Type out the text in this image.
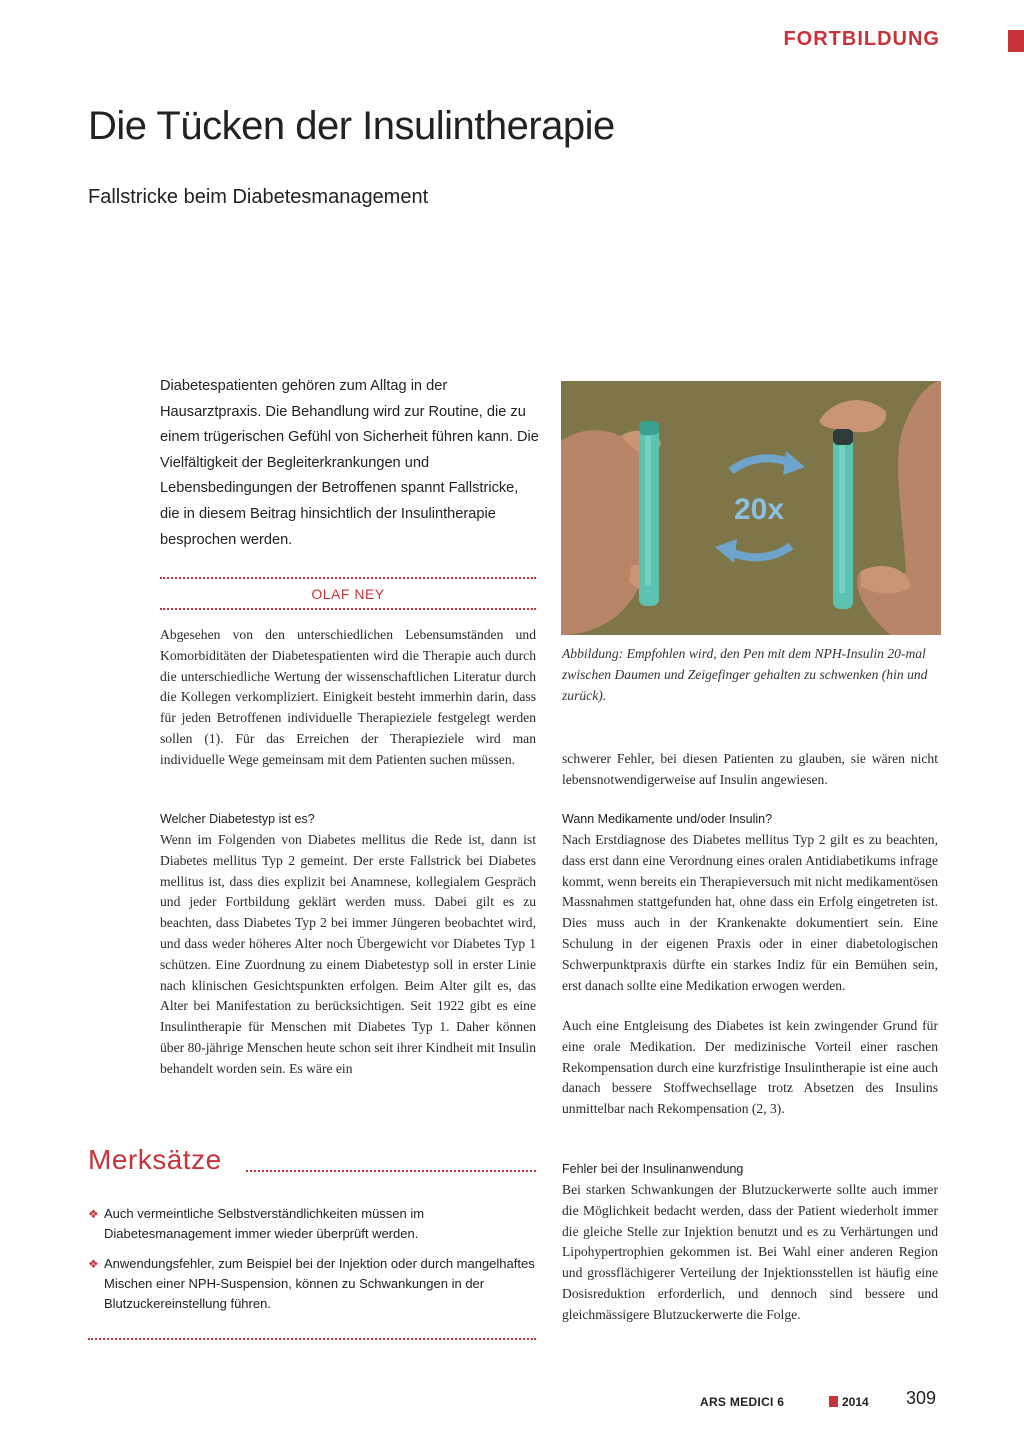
FORTBILDUNG
Die Tücken der Insulintherapie
Fallstricke beim Diabetesmanagement

Diabetespatienten gehören zum Alltag in der Hausarztpraxis. Die Behandlung wird zur Routine, die zu einem trügerischen Gefühl von Sicherheit führen kann. Die Vielfältigkeit der Begleiterkrankungen und Lebensbedingungen der Betroffenen spannt Fallstricke, die in diesem Beitrag hinsichtlich der Insulintherapie besprochen werden.

OLAF NEY

Abgesehen von den unterschiedlichen Lebensumständen und Komorbiditäten der Diabetespatienten wird die Therapie auch durch die unterschiedliche Wertung der wissenschaftlichen Literatur durch die Kollegen verkompliziert. Einigkeit besteht immerhin darin, dass für jeden Betroffenen individuelle Therapieziele festgelegt werden sollen (1). Für das Erreichen der Therapieziele wird man individuelle Wege gemeinsam mit dem Patienten suchen müssen.

Welcher Diabetestyp ist es?

Wenn im Folgenden von Diabetes mellitus die Rede ist, dann ist Diabetes mellitus Typ 2 gemeint. Der erste Fallstrick bei Diabetes mellitus ist, dass dies explizit bei Anamnese, kollegialem Gespräch und jeder Fortbildung geklärt werden muss. Dabei gilt es zu beachten, dass Diabetes Typ 2 bei immer Jüngeren beobachtet wird, und dass weder höheres Alter noch Übergewicht vor Diabetes Typ 1 schützen. Eine Zuordnung zu einem Diabetestyp soll in erster Linie nach klinischen Gesichtspunkten erfolgen. Beim Alter gilt es, das Alter bei Manifestation zu berücksichtigen. Seit 1922 gibt es eine Insulintherapie für Menschen mit Diabetes Typ 1. Daher können über 80-jährige Menschen heute schon seit ihrer Kindheit mit Insulin behandelt worden sein. Es wäre ein

20x

Abbildung: Empfohlen wird, den Pen mit dem NPH-Insulin 20-mal zwischen Daumen und Zeigefinger gehalten zu schwenken (hin und zurück).

schwerer Fehler, bei diesen Patienten zu glauben, sie wären nicht lebensnotwendigerweise auf Insulin angewiesen.

Wann Medikamente und/oder Insulin?

Nach Erstdiagnose des Diabetes mellitus Typ 2 gilt es zu beachten, dass erst dann eine Verordnung eines oralen Antidiabetikums infrage kommt, wenn bereits ein Therapieversuch mit nicht medikamentösen Massnahmen stattgefunden hat, ohne dass ein Erfolg eingetreten ist. Dies muss auch in der Krankenakte dokumentiert sein. Eine Schulung in der eigenen Praxis oder in einer diabetologischen Schwerpunktpraxis dürfte ein starkes Indiz für ein Bemühen sein, erst danach sollte eine Medikation erwogen werden.

Auch eine Entgleisung des Diabetes ist kein zwingender Grund für eine orale Medikation. Der medizinische Vorteil einer raschen Rekompensation durch eine kurzfristige Insulintherapie ist eine auch danach bessere Stoffwechsellage trotz Absetzen des Insulins unmittelbar nach Rekompensation (2, 3).

Fehler bei der Insulinanwendung

Bei starken Schwankungen der Blutzuckerwerte sollte auch immer die Möglichkeit bedacht werden, dass der Patient wiederholt immer die gleiche Stelle zur Injektion benutzt und es zu Verhärtungen und Lipohypertrophien gekommen ist. Bei Wahl einer anderen Region und grossflächigerer Verteilung der Injektionsstellen ist häufig eine Dosisreduktion erforderlich, und dennoch sind bessere und gleichmässigere Blutzuckerwerte die Folge.

Merksätze
❖ Auch vermeintliche Selbstverständlichkeiten müssen im Diabetesmanagement immer wieder überprüft werden.
❖ Anwendungsfehler, zum Beispiel bei der Injektion oder durch mangelhaftes Mischen einer NPH-Suspension, können zu Schwankungen in der Blutzuckereinstellung führen.
ARS MEDICI 6	2014 309
